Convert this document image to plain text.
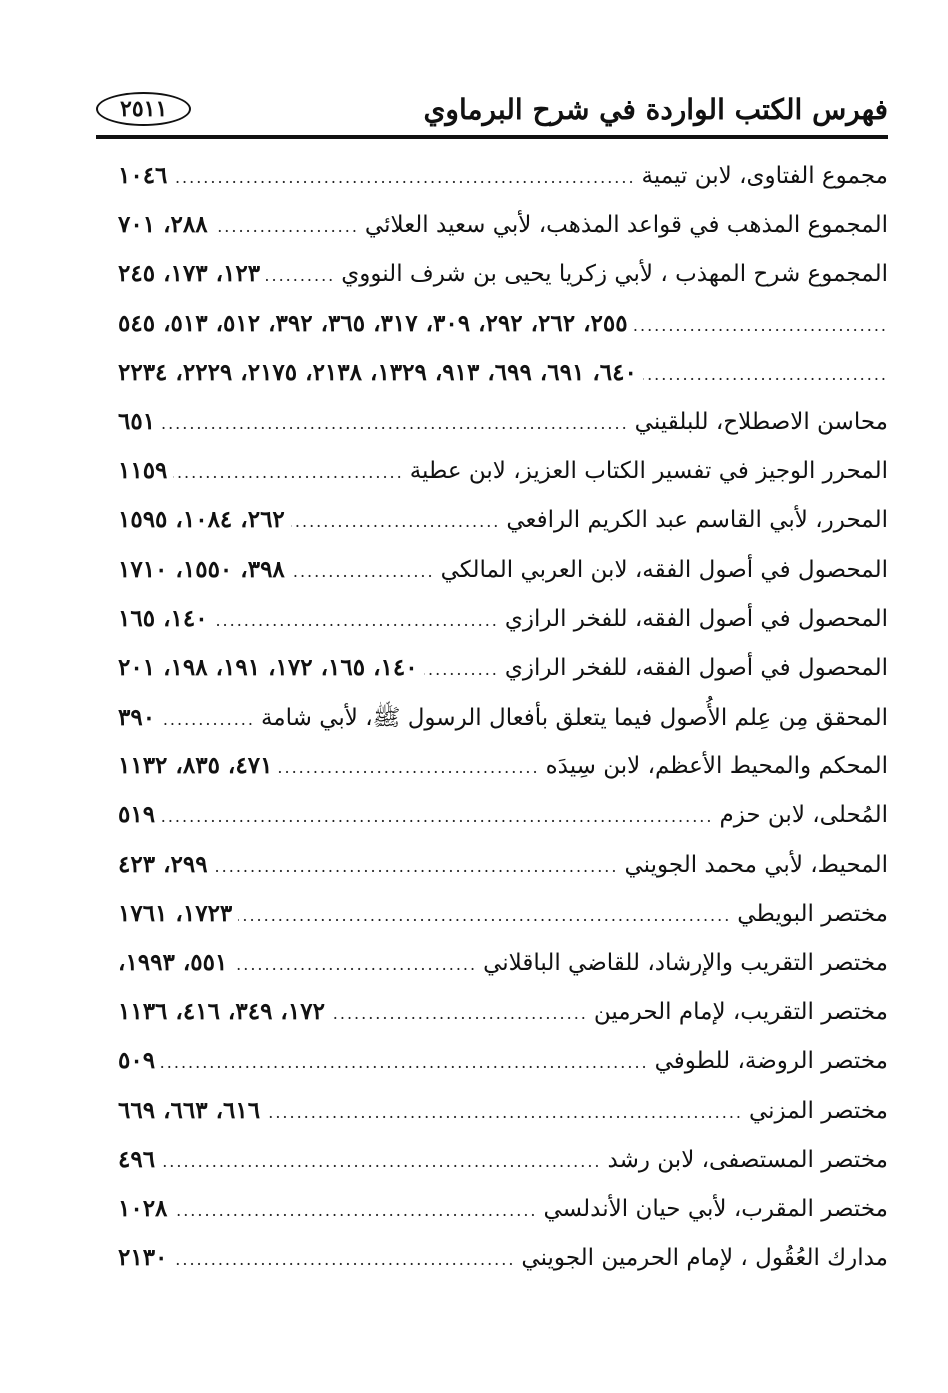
فهرس الكتب الواردة في شرح البرماوي
٢٥١١
مجموع الفتاوى، لابن تيمية
.....
١٠٤٦
المجموع المذهب في قواعد المذهب، لأبي سعيد العلائي
.....
٢٨٨، ٧٠١
المجموع شرح المهذب ، لأبي زكريا يحيى بن شرف النووي
.....
١٢٣، ١٧٣، ٢٤٥
.....
٢٥٥، ٢٦٢، ٢٩٢، ٣٠٩، ٣١٧، ٣٦٥، ٣٩٢، ٥١٢، ٥١٣، ٥٤٥
.....
٦٤٠، ٦٩١، ٦٩٩، ٩١٣، ١٣٢٩، ٢١٣٨، ٢١٧٥، ٢٢٢٩، ٢٢٣٤
محاسن الاصطلاح، للبلقيني
.....
٦٥١
المحرر الوجيز في تفسير الكتاب العزيز، لابن عطية
.....
١١٥٩
المحرر، لأبي القاسم عبد الكريم الرافعي
.....
٢٦٢، ١٠٨٤، ١٥٩٥
المحصول في أصول الفقه، لابن العربي المالكي
.....
٣٩٨، ١٥٥٠، ١٧١٠
المحصول في أصول الفقه، للفخر الرازي
.....
١٤٠، ١٦٥
المحصول في أصول الفقه، للفخر الرازي
.....
١٤٠، ١٦٥، ١٧٢، ١٩١، ١٩٨، ٢٠١
المحقق مِن عِلم الأُصول فيما يتعلق بأفعال الرسول ﷺ، لأبي شامة
.....
٣٩٠
المحكم والمحيط الأعظم، لابن سِيدَه
.....
٤٧١، ٨٣٥، ١١٣٢
المُحلى، لابن حزم
.....
٥١٩
المحيط، لأبي محمد الجويني
.....
٢٩٩، ٤٢٣
مختصر البويطي
.....
١٧٢٣، ١٧٦١
مختصر التقريب والإرشاد، للقاضي الباقلاني
.....
٥٥١، ١٩٩٣،
مختصر التقريب، لإمام الحرمين
.....
١٧٢، ٣٤٩، ٤١٦، ١١٣٦
مختصر الروضة، للطوفي
.....
٥٠٩
مختصر المزني
.....
٦١٦، ٦٦٣، ٦٦٩
مختصر المستصفى، لابن رشد
.....
٤٩٦
مختصر المقرب، لأبي حيان الأندلسي
.....
١٠٢٨
مدارك العُقُول ، لإمام الحرمين الجويني
.....
٢١٣٠
